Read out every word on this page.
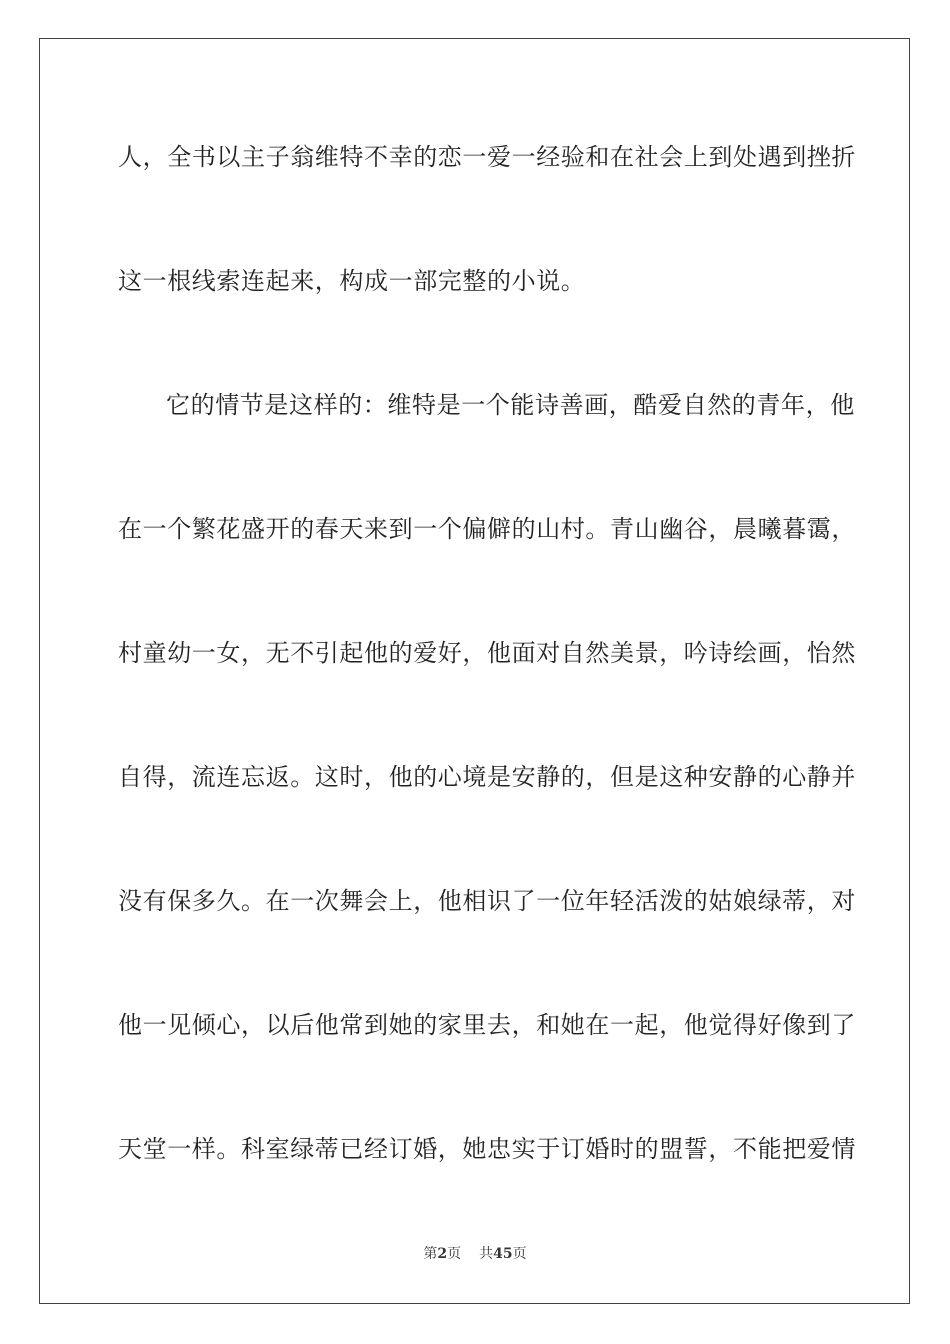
人，全书以主子翁维特不幸的恋一爱一经验和在社会上到处遇到挫折
这一根线索连起来，构成一部完整的小说。
它的情节是这样的：维特是一个能诗善画，酷爱自然的青年，他
在一个繁花盛开的春天来到一个偏僻的山村。青山幽谷，晨曦暮霭，
村童幼一女，无不引起他的爱好，他面对自然美景，吟诗绘画，怡然
自得，流连忘返。这时，他的心境是安静的，但是这种安静的心静并
没有保多久。在一次舞会上，他相识了一位年轻活泼的姑娘绿蒂，对
他一见倾心，以后他常到她的家里去，和她在一起，他觉得好像到了
天堂一样。科室绿蒂已经订婚，她忠实于订婚时的盟誓，不能把爱情
第2页 共45页
